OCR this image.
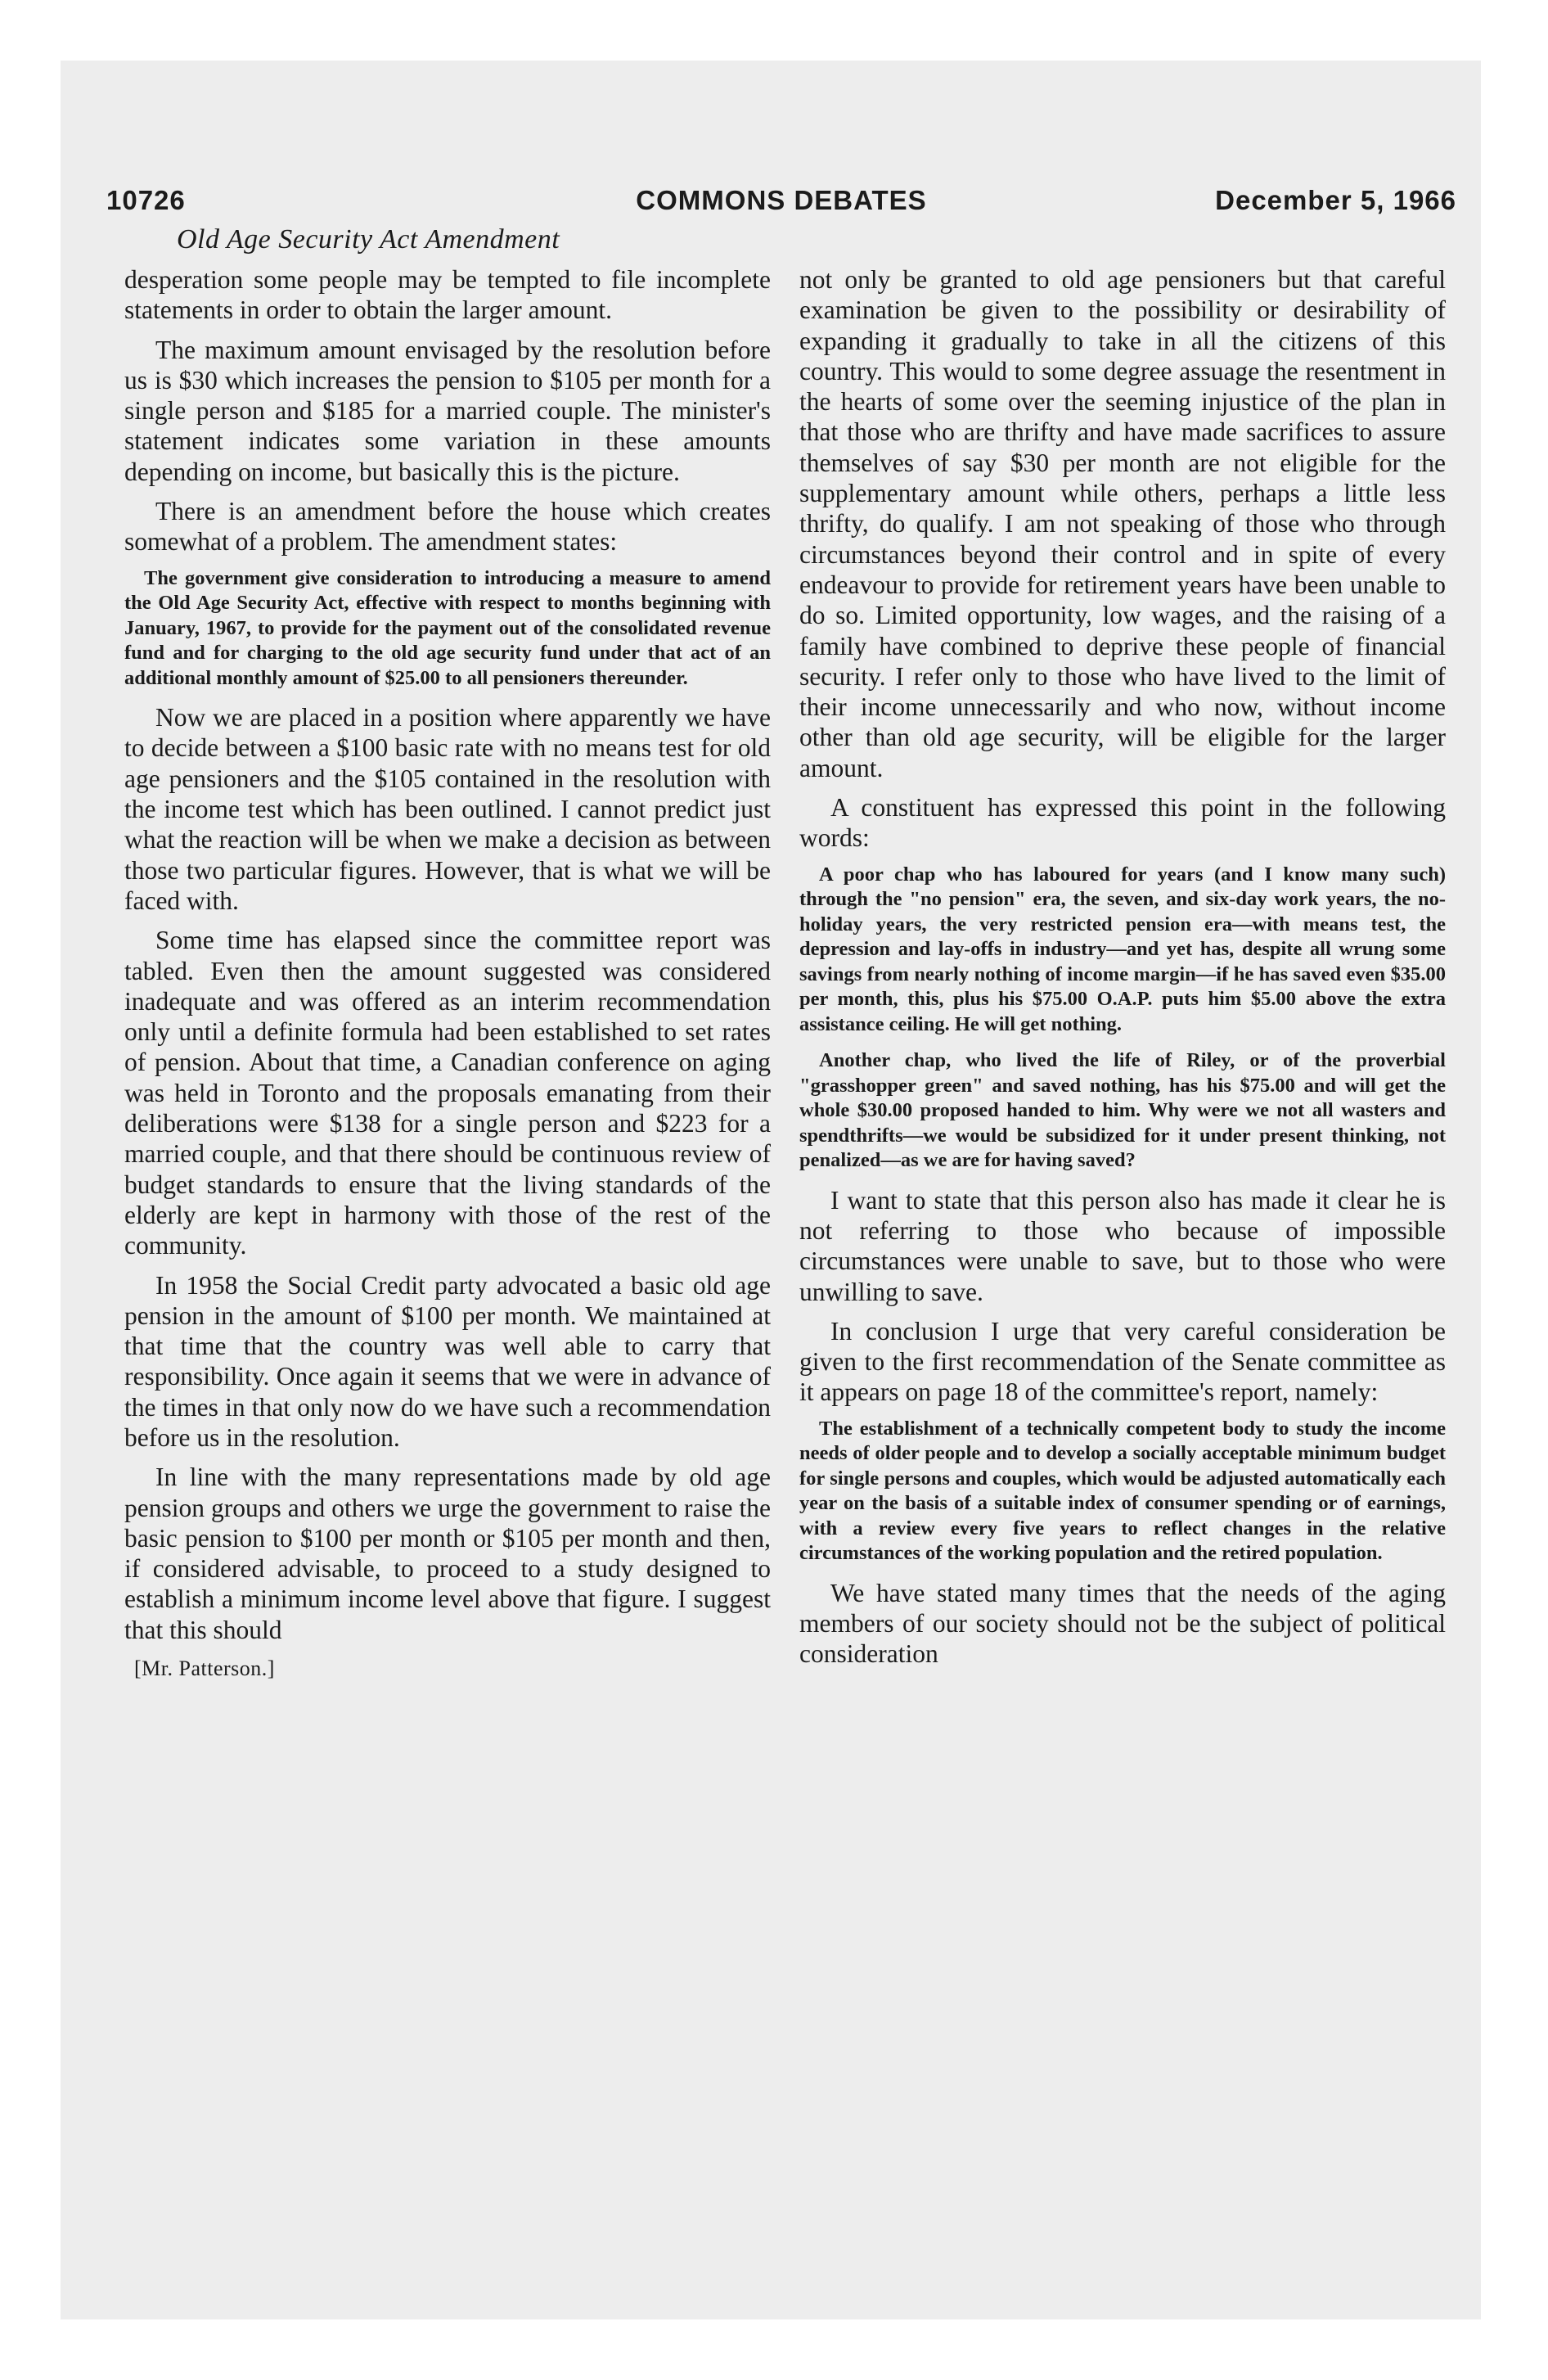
10726	COMMONS DEBATES	December 5, 1966
Old Age Security Act Amendment

desperation some people may be tempted to file incomplete statements in order to obtain the larger amount.

The maximum amount envisaged by the resolution before us is $30 which increases the pension to $105 per month for a single person and $185 for a married couple. The minister's statement indicates some variation in these amounts depending on income, but basically this is the picture.

There is an amendment before the house which creates somewhat of a problem. The amendment states:

The government give consideration to introducing a measure to amend the Old Age Security Act, effective with respect to months beginning with January, 1967, to provide for the payment out of the consolidated revenue fund and for charging to the old age security fund under that act of an additional monthly amount of $25.00 to all pensioners thereunder.

Now we are placed in a position where apparently we have to decide between a $100 basic rate with no means test for old age pensioners and the $105 contained in the resolution with the income test which has been outlined. I cannot predict just what the reaction will be when we make a decision as between those two particular figures. However, that is what we will be faced with.

Some time has elapsed since the committee report was tabled. Even then the amount suggested was considered inadequate and was offered as an interim recommendation only until a definite formula had been established to set rates of pension. About that time, a Canadian conference on aging was held in Toronto and the proposals emanating from their deliberations were $138 for a single person and $223 for a married couple, and that there should be continuous review of budget standards to ensure that the living standards of the elderly are kept in harmony with those of the rest of the community.

In 1958 the Social Credit party advocated a basic old age pension in the amount of $100 per month. We maintained at that time that the country was well able to carry that responsibility. Once again it seems that we were in advance of the times in that only now do we have such a recommendation before us in the resolution.

In line with the many representations made by old age pension groups and others we urge the government to raise the basic pension to $100 per month or $105 per month and then, if considered advisable, to proceed to a study designed to establish a minimum income level above that figure. I suggest that this should

[Mr. Patterson.]

not only be granted to old age pensioners but that careful examination be given to the possibility or desirability of expanding it gradually to take in all the citizens of this country. This would to some degree assuage the resentment in the hearts of some over the seeming injustice of the plan in that those who are thrifty and have made sacrifices to assure themselves of say $30 per month are not eligible for the supplementary amount while others, perhaps a little less thrifty, do qualify. I am not speaking of those who through circumstances beyond their control and in spite of every endeavour to provide for retirement years have been unable to do so. Limited opportunity, low wages, and the raising of a family have combined to deprive these people of financial security. I refer only to those who have lived to the limit of their income unnecessarily and who now, without income other than old age security, will be eligible for the larger amount.

A constituent has expressed this point in the following words:

A poor chap who has laboured for years (and I know many such) through the "no pension" era, the seven, and six-day work years, the no-holiday years, the very restricted pension era—with means test, the depression and lay-offs in industry—and yet has, despite all wrung some savings from nearly nothing of income margin—if he has saved even $35.00 per month, this, plus his $75.00 O.A.P. puts him $5.00 above the extra assistance ceiling. He will get nothing.

Another chap, who lived the life of Riley, or of the proverbial "grasshopper green" and saved nothing, has his $75.00 and will get the whole $30.00 proposed handed to him. Why were we not all wasters and spendthrifts—we would be subsidized for it under present thinking, not penalized—as we are for having saved?

I want to state that this person also has made it clear he is not referring to those who because of impossible circumstances were unable to save, but to those who were unwilling to save.

In conclusion I urge that very careful consideration be given to the first recommendation of the Senate committee as it appears on page 18 of the committee's report, namely:

The establishment of a technically competent body to study the income needs of older people and to develop a socially acceptable minimum budget for single persons and couples, which would be adjusted automatically each year on the basis of a suitable index of consumer spending or of earnings, with a review every five years to reflect changes in the relative circumstances of the working population and the retired population.

We have stated many times that the needs of the aging members of our society should not be the subject of political consideration
